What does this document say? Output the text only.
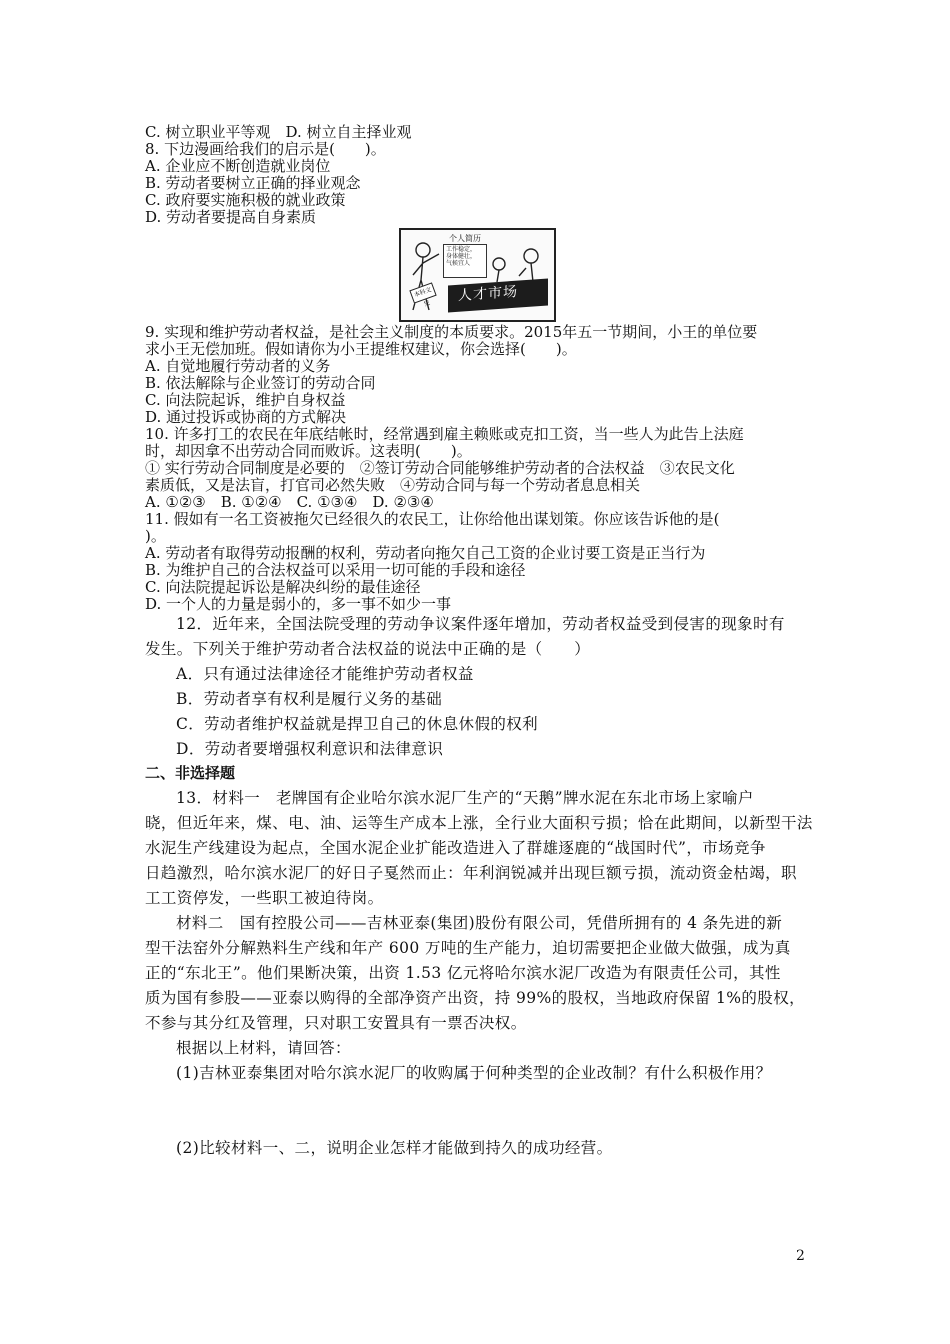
C. 树立职业平等观　D. 树立自主择业观
8. 下边漫画给我们的启示是(　　)。
A. 企业应不断创造就业岗位
B. 劳动者要树立正确的择业观念
C. 政府要实施积极的就业政策
D. 劳动者要提高自身素质
个人简历
工作稳定，
身体健壮，
气候宜人
本科文凭	人才市场
9. 实现和维护劳动者权益，是社会主义制度的本质要求。2015年五一节期间，小王的单位要
求小王无偿加班。假如请你为小王提维权建议，你会选择(　　)。
A. 自觉地履行劳动者的义务
B. 依法解除与企业签订的劳动合同
C. 向法院起诉，维护自身权益
D. 通过投诉或协商的方式解决
10. 许多打工的农民在年底结帐时，经常遇到雇主赖账或克扣工资，当一些人为此告上法庭
时，却因拿不出劳动合同而败诉。这表明(　　)。
① 实行劳动合同制度是必要的　②签订劳动合同能够维护劳动者的合法权益　③农民文化
素质低，又是法盲，打官司必然失败　④劳动合同与每一个劳动者息息相关
A. ①②③　B. ①②④　C. ①③④　D. ②③④
11. 假如有一名工资被拖欠已经很久的农民工，让你给他出谋划策。你应该告诉他的是(
)。
A. 劳动者有取得劳动报酬的权利，劳动者向拖欠自己工资的企业讨要工资是正当行为
B. 为维护自己的合法权益可以采用一切可能的手段和途径
C. 向法院提起诉讼是解决纠纷的最佳途径
D. 一个人的力量是弱小的，多一事不如少一事
12．近年来，全国法院受理的劳动争议案件逐年增加，劳动者权益受到侵害的现象时有
发生。下列关于维护劳动者合法权益的说法中正确的是（　　）
A．只有通过法律途径才能维护劳动者权益
B．劳动者享有权利是履行义务的基础
C．劳动者维护权益就是捍卫自己的休息休假的权利
D．劳动者要增强权利意识和法律意识
二、非选择题
13．材料一　老牌国有企业哈尔滨水泥厂生产的“天鹅”牌水泥在东北市场上家喻户
晓，但近年来，煤、电、油、运等生产成本上涨，全行业大面积亏损；恰在此期间，以新型干法
水泥生产线建设为起点，全国水泥企业扩能改造进入了群雄逐鹿的“战国时代”，市场竞争
日趋激烈，哈尔滨水泥厂的好日子戛然而止：年利润锐减并出现巨额亏损，流动资金枯竭，职
工工资停发，一些职工被迫待岗。
材料二　国有控股公司——吉林亚泰(集团)股份有限公司，凭借所拥有的 4 条先进的新
型干法窑外分解熟料生产线和年产 600 万吨的生产能力，迫切需要把企业做大做强，成为真
正的“东北王”。他们果断决策，出资 1.53 亿元将哈尔滨水泥厂改造为有限责任公司，其性
质为国有参股——亚泰以购得的全部净资产出资，持 99%的股权，当地政府保留 1%的股权，
不参与其分红及管理，只对职工安置具有一票否决权。
根据以上材料，请回答：
(1)吉林亚泰集团对哈尔滨水泥厂的收购属于何种类型的企业改制？有什么积极作用？
(2)比较材料一、二，说明企业怎样才能做到持久的成功经营。
2
